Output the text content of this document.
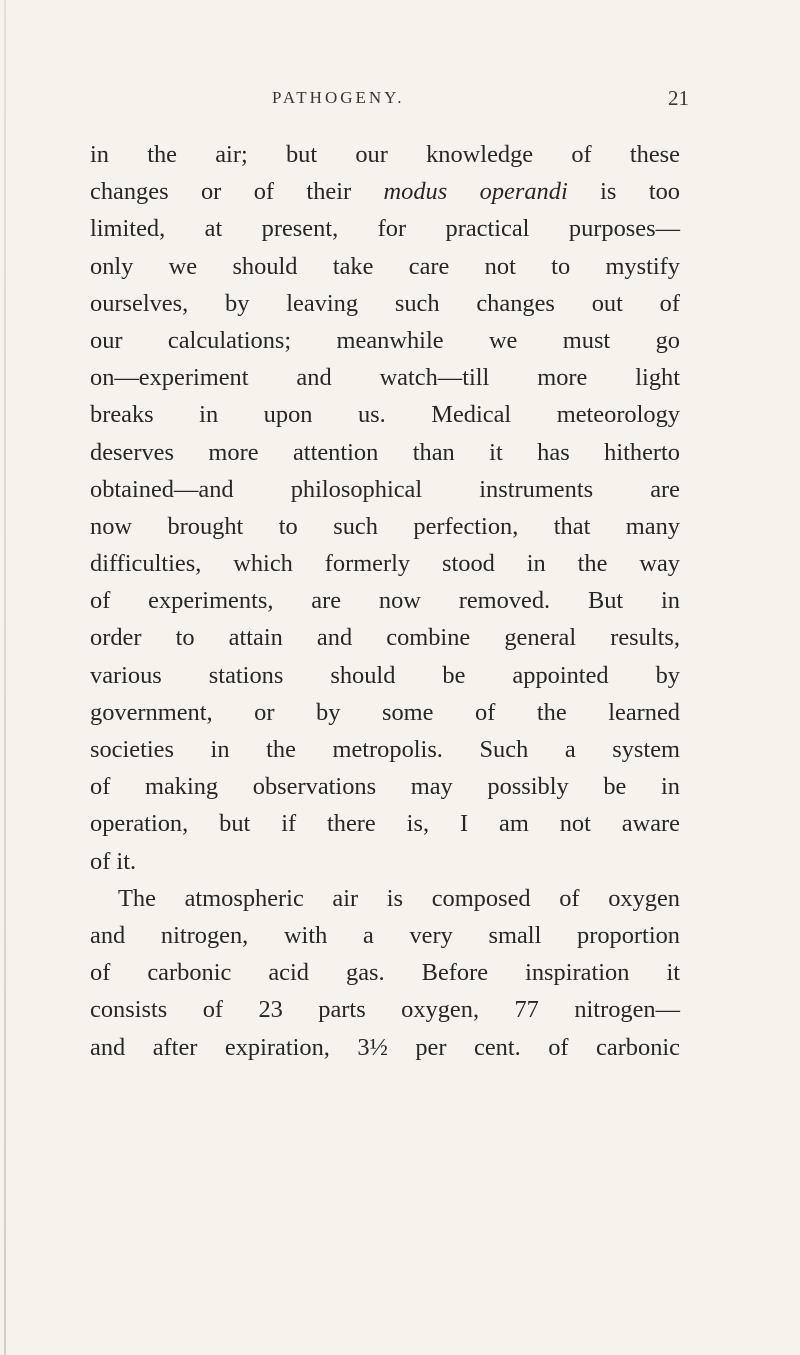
PATHOGENY.	21
in the air; but our knowledge of these
changes or of their modus operandi is too
limited, at present, for practical purposes—
only we should take care not to mystify
ourselves, by leaving such changes out of
our calculations; meanwhile we must go
on—experiment and watch—till more light
breaks in upon us. Medical meteorology
deserves more attention than it has hitherto
obtained—and philosophical instruments are
now brought to such perfection, that many
difficulties, which formerly stood in the way
of experiments, are now removed. But in
order to attain and combine general results,
various stations should be appointed by
government, or by some of the learned
societies in the metropolis. Such a system
of making observations may possibly be in
operation, but if there is, I am not aware
of it.
The atmospheric air is composed of oxygen
and nitrogen, with a very small proportion
of carbonic acid gas. Before inspiration it
consists of 23 parts oxygen, 77 nitrogen—
and after expiration, 3½ per cent. of carbonic
